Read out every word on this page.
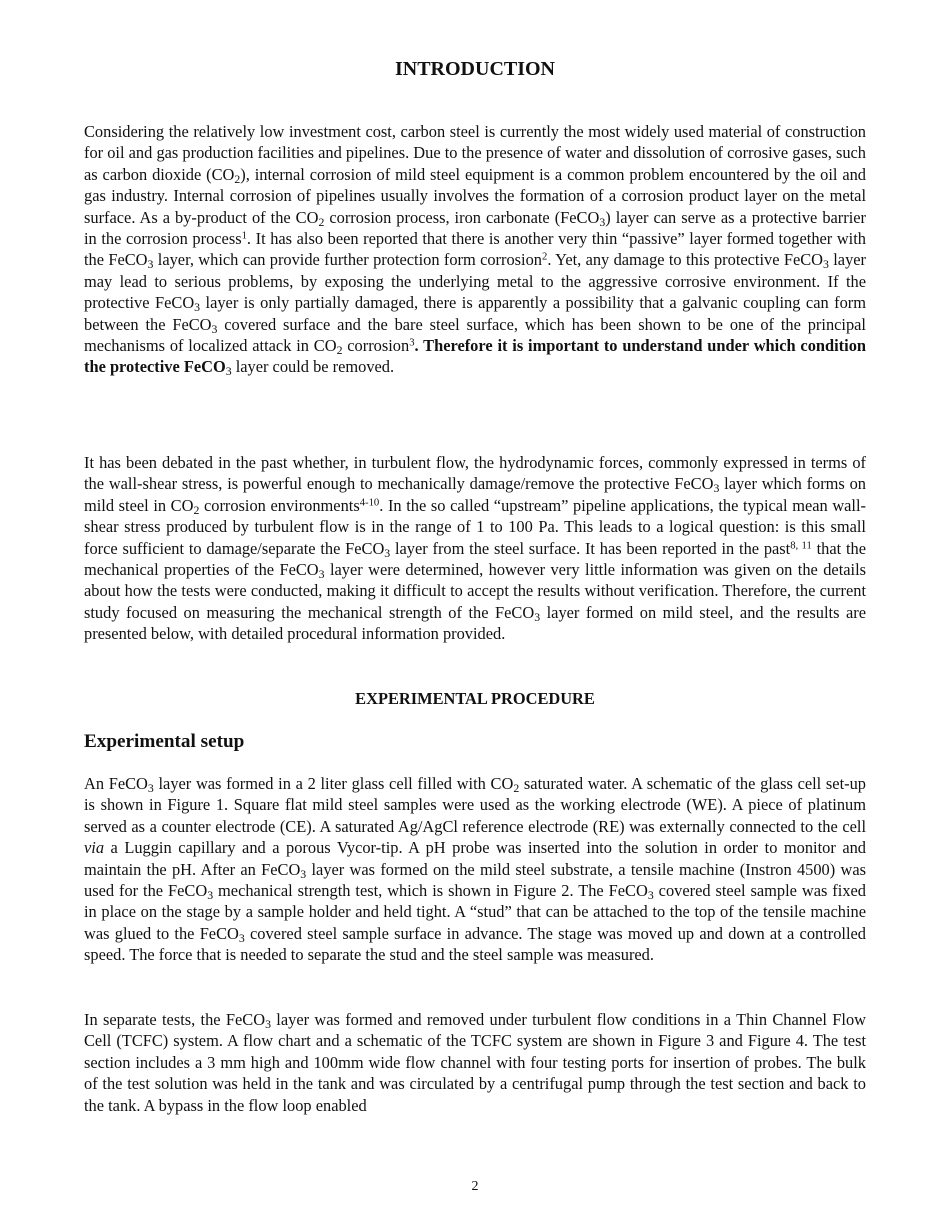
INTRODUCTION

Considering the relatively low investment cost, carbon steel is currently the most widely used material of construction for oil and gas production facilities and pipelines. Due to the presence of water and dissolution of corrosive gases, such as carbon dioxide $(CO_2)$, internal corrosion of mild steel equipment is a common problem encountered by the oil and gas industry. Internal corrosion of pipelines usually involves the formation of a corrosion product layer on the metal surface. As a by-product of the $CO_2$ corrosion process, iron carbonate (FeCO$_3$) layer can serve as a protective barrier in the corrosion process$^1$. It has also been reported that there is another very thin “passive” layer formed together with the FeCO$_3$ layer, which can provide further protection form corrosion$^2$. Yet, any damage to this protective FeCO$_3$ layer may lead to serious problems, by exposing the underlying metal to the aggressive corrosive environment. If the protective FeCO$_3$ layer is only partially damaged, there is apparently a possibility that a galvanic coupling can form between the FeCO$_3$ covered surface and the bare steel surface, which has been shown to be one of the principal mechanisms of localized attack in $CO_2$ corrosion$^3$. Therefore it is important to understand under which condition the protective FeCO$_3$ layer could be removed.

It has been debated in the past whether, in turbulent flow, the hydrodynamic forces, commonly expressed in terms of the wall-shear stress, is powerful enough to mechanically damage/remove the protective FeCO$_3$ layer which forms on mild steel in $CO_2$ corrosion environments$^{4-10}$. In the so called “upstream” pipeline applications, the typical mean wall-shear stress produced by turbulent flow is in the range of 1 to 100 Pa. This leads to a logical question: is this small force sufficient to damage/separate the FeCO$_3$ layer from the steel surface. It has been reported in the past$^{8, 11}$ that the mechanical properties of the FeCO$_3$ layer were determined, however very little information was given on the details about how the tests were conducted, making it difficult to accept the results without verification. Therefore, the current study focused on measuring the mechanical strength of the FeCO$_3$ layer formed on mild steel, and the results are presented below, with detailed procedural information provided.

EXPERIMENTAL PROCEDURE
Experimental setup

An FeCO$_3$ layer was formed in a 2 liter glass cell filled with $CO_2$ saturated water. A schematic of the glass cell set-up is shown in Figure 1. Square flat mild steel samples were used as the working electrode (WE). A piece of platinum served as a counter electrode (CE). A saturated Ag/AgCl reference electrode (RE) was externally connected to the cell via a Luggin capillary and a porous Vycor-tip. A pH probe was inserted into the solution in order to monitor and maintain the pH. After an FeCO$_3$ layer was formed on the mild steel substrate, a tensile machine (Instron 4500) was used for the FeCO$_3$ mechanical strength test, which is shown in Figure 2. The FeCO$_3$ covered steel sample was fixed in place on the stage by a sample holder and held tight. A “stud” that can be attached to the top of the tensile machine was glued to the FeCO$_3$ covered steel sample surface in advance. The stage was moved up and down at a controlled speed. The force that is needed to separate the stud and the steel sample was measured.

In separate tests, the FeCO$_3$ layer was formed and removed under turbulent flow conditions in a Thin Channel Flow Cell (TCFC) system. A flow chart and a schematic of the TCFC system are shown in Figure 3 and Figure 4. The test section includes a 3 mm high and 100mm wide flow channel with four testing ports for insertion of probes. The bulk of the test solution was held in the tank and was circulated by a centrifugal pump through the test section and back to the tank. A bypass in the flow loop enabled

2
